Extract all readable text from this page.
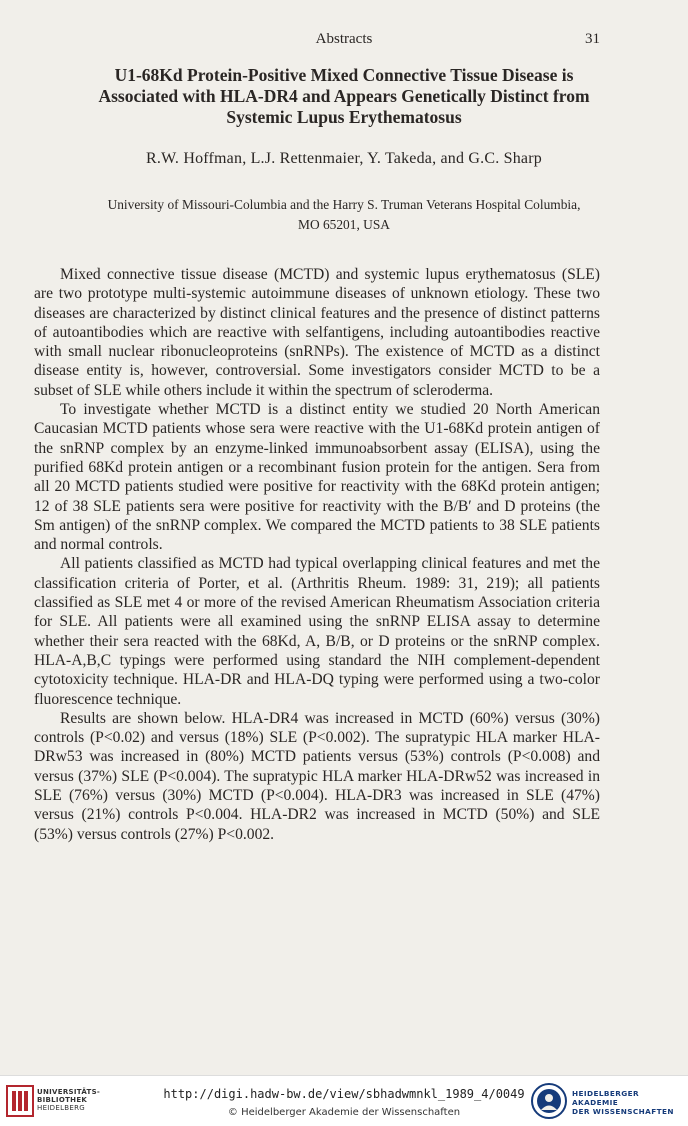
Abstracts	31
U1-68Kd Protein-Positive Mixed Connective Tissue Disease is
Associated with HLA-DR4 and Appears Genetically Distinct from
Systemic Lupus Erythematosus
R.W. Hoffman, L.J. Rettenmaier, Y. Takeda, and G.C. Sharp
University of Missouri-Columbia and the Harry S. Truman Veterans Hospital Columbia,
MO 65201, USA

Mixed connective tissue disease (MCTD) and systemic lupus erythematosus (SLE) are two prototype multi-systemic autoimmune diseases of unknown etiology. These two diseases are characterized by distinct clinical features and the presence of distinct patterns of autoantibodies which are reactive with selfantigens, including autoantibodies reactive with small nuclear ribonucleoproteins (snRNPs). The existence of MCTD as a distinct disease entity is, however, controversial. Some investigators consider MCTD to be a subset of SLE while others include it within the spectrum of scleroderma.

To investigate whether MCTD is a distinct entity we studied 20 North American Caucasian MCTD patients whose sera were reactive with the U1-68Kd protein antigen of the snRNP complex by an enzyme-linked immunoabsorbent assay (ELISA), using the purified 68Kd protein antigen or a recombinant fusion protein for the antigen. Sera from all 20 MCTD patients studied were positive for reactivity with the 68Kd protein antigen; 12 of 38 SLE patients sera were positive for reactivity with the B/B′ and D proteins (the Sm antigen) of the snRNP complex. We compared the MCTD patients to 38 SLE patients and normal controls.

All patients classified as MCTD had typical overlapping clinical features and met the classification criteria of Porter, et al. (Arthritis Rheum. 1989: 31, 219); all patients classified as SLE met 4 or more of the revised American Rheumatism Association criteria for SLE. All patients were all examined using the snRNP ELISA assay to determine whether their sera reacted with the 68Kd, A, B/B, or D proteins or the snRNP complex. HLA-A,B,C typings were performed using standard the NIH complement-dependent cytotoxicity technique. HLA-DR and HLA-DQ typing were performed using a two-color fluorescence technique.

Results are shown below. HLA-DR4 was increased in MCTD (60%) versus (30%) controls (P<0.02) and versus (18%) SLE (P<0.002). The supratypic HLA marker HLA-DRw53 was increased in (80%) MCTD patients versus (53%) controls (P<0.008) and versus (37%) SLE (P<0.004). The supratypic HLA marker HLA-DRw52 was increased in SLE (76%) versus (30%) MCTD (P<0.004). HLA-DR3 was increased in SLE (47%) versus (21%) controls P<0.004. HLA-DR2 was increased in MCTD (50%) and SLE (53%) versus controls (27%) P<0.002.

UNIVERSITÄTS-
BIBLIOTHEK
HEIDELBERG
http://digi.hadw-bw.de/view/sbhadwmnkl_1989_4/0049
© Heidelberger Akademie der Wissenschaften
HEIDELBERGER AKADEMIE
DER WISSENSCHAFTEN
